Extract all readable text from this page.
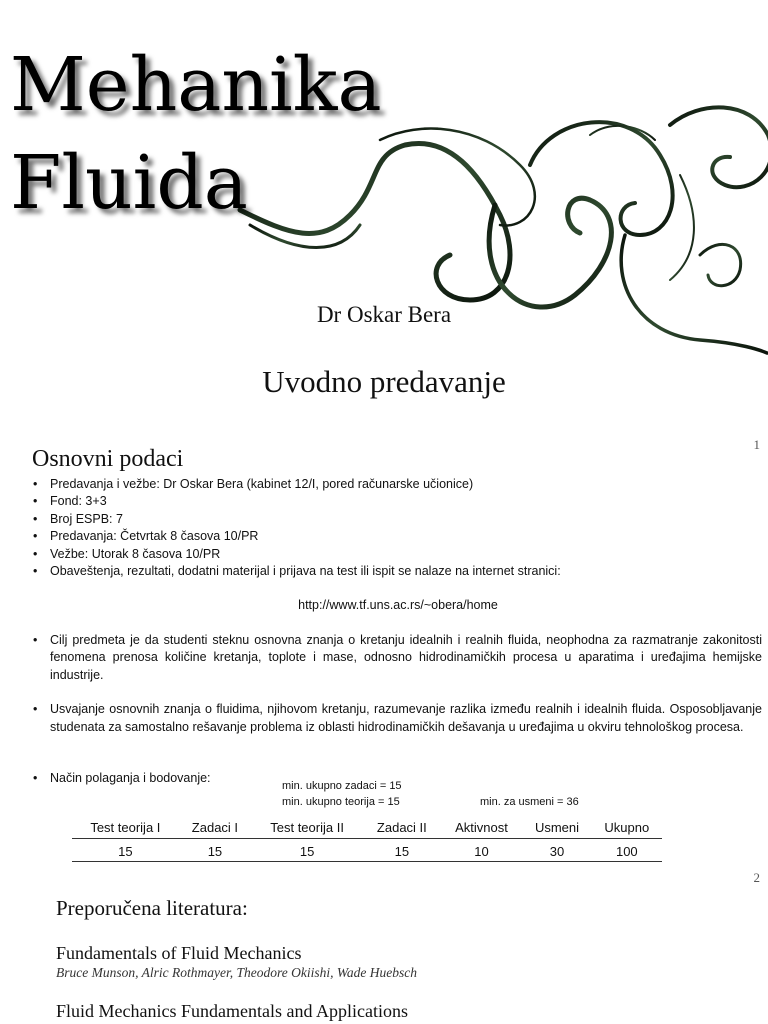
Mehanika
Fluida
Dr Oskar Bera
Uvodno predavanje
1
Osnovni podaci
• Predavanja i vežbe: Dr Oskar Bera (kabinet 12/I, pored računarske učionice)
• Fond: 3+3
• Broj ESPB: 7
• Predavanja: Četvrtak 8 časova 10/PR
• Vežbe: Utorak 8 časova 10/PR
• Obaveštenja, rezultati, dodatni materijal i prijava na test ili ispit se nalaze na internet stranici:
http://www.tf.uns.ac.rs/~obera/home
• Cilj predmeta je da studenti steknu osnovna znanja o kretanju idealnih i realnih fluida, neophodna za razmatranje zakonitosti fenomena prenosa količine kretanja, toplote i mase, odnosno hidrodinamičkih procesa u aparatima i uređajima hemijske industrije.
• Usvajanje osnovnih znanja o fluidima, njihovom kretanju, razumevanje razlika između realnih i idealnih fluida. Osposobljavanje studenata za samostalno rešavanje problema iz oblasti hidrodinamičkih dešavanja u uređajima u okviru tehnološkog procesa.
• Način polaganja i bodovanje:
min. ukupno zadaci = 15
min. ukupno teorija = 15	min. za usmeni = 36
Test teorija I	Zadaci I	Test teorija II	Zadaci II	Aktivnost	Usmeni	Ukupno
15	15	15	15	10	30	100
2
Preporučena literatura:
Fundamentals of Fluid Mechanics
Bruce Munson, Alric Rothmayer, Theodore Okiishi, Wade Huebsch
Fluid Mechanics Fundamentals and Applications
